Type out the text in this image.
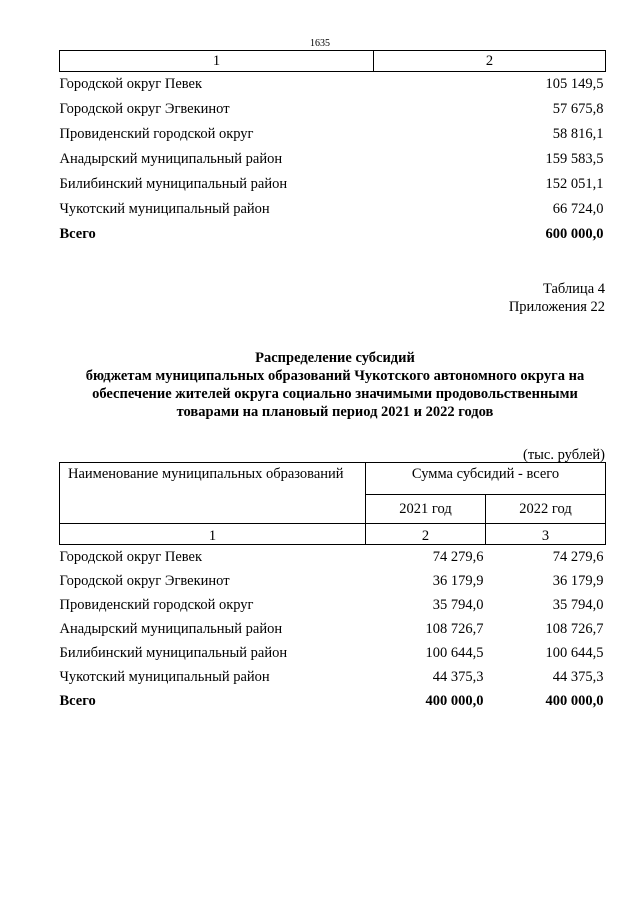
1635
1	2
Городской округ Певек	105 149,5
Городской округ Эгвекинот	57 675,8
Провиденский городской округ	58 816,1
Анадырский муниципальный район	159 583,5
Билибинский муниципальный район	152 051,1
Чукотский муниципальный район	66 724,0
Всего	600 000,0
Таблица 4
Приложения 22
Распределение субсидий
бюджетам муниципальных образований Чукотского автономного округа на
обеспечение жителей округа социально значимыми продовольственными
товарами на плановый период 2021 и 2022 годов
(тыс. рублей)
Наименование муниципальных образований	Сумма субсидий - всего	
	2021 год	2022 год
1	2	3
Городской округ Певек	74 279,6	74 279,6
Городской округ Эгвекинот	36 179,9	36 179,9
Провиденский городской округ	35 794,0	35 794,0
Анадырский муниципальный район	108 726,7	108 726,7
Билибинский муниципальный район	100 644,5	100 644,5
Чукотский муниципальный район	44 375,3	44 375,3
Всего	400 000,0	400 000,0
